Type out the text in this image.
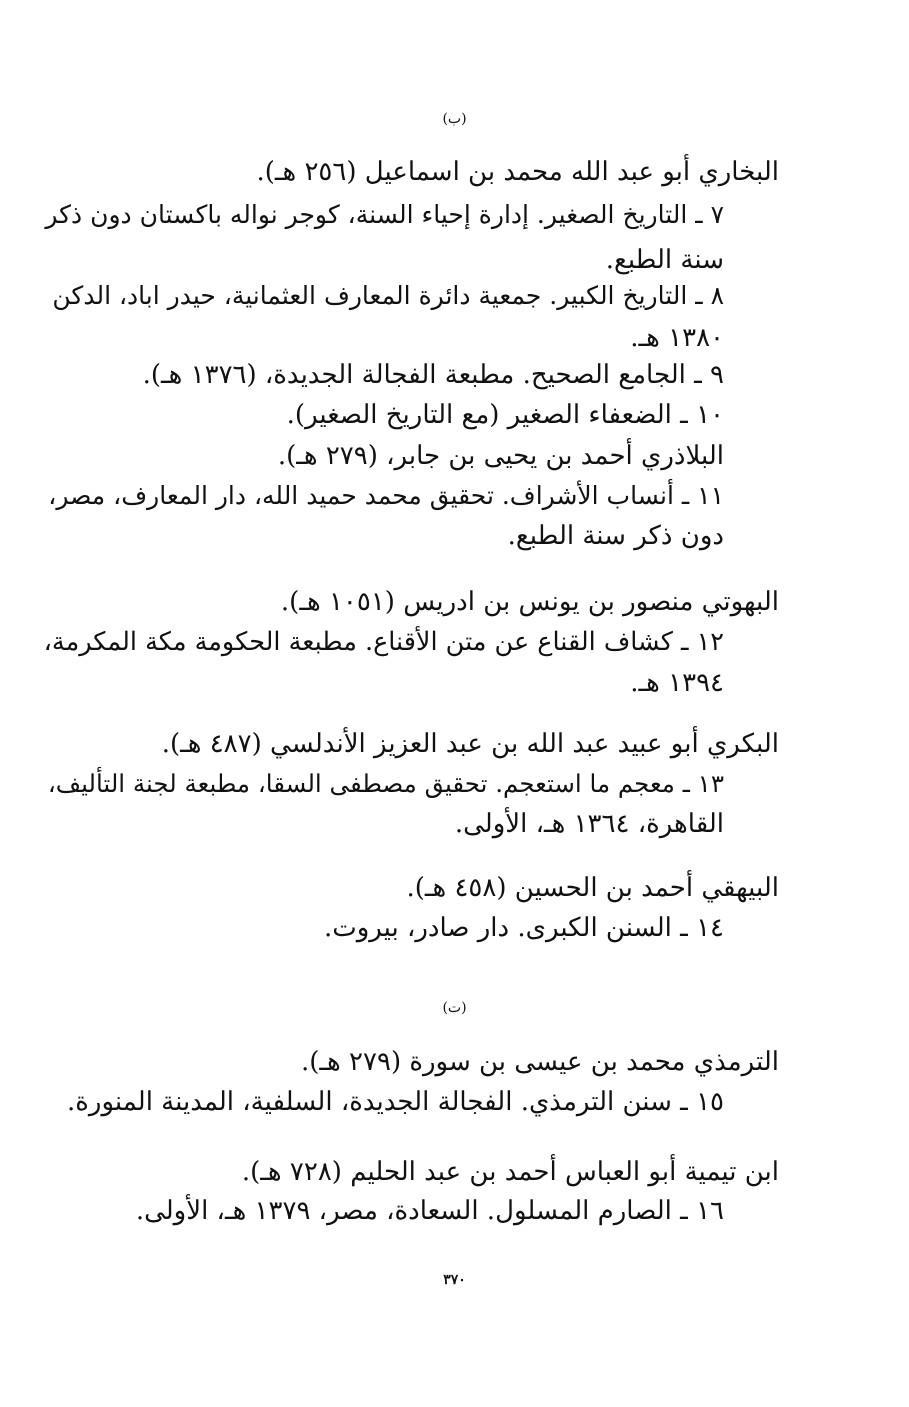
(ب)
البخاري أبو عبد الله محمد بن اسماعيل (٢٥٦ هـ).
٧ ـ التاريخ الصغير. إدارة إحياء السنة، كوجر نواله باكستان دون ذكر
سنة الطبع.
٨ ـ التاريخ الكبير. جمعية دائرة المعارف العثمانية، حيدر اباد، الدكن
١٣٨٠ هـ.
٩ ـ الجامع الصحيح. مطبعة الفجالة الجديدة، (١٣٧٦ هـ).
١٠ ـ الضعفاء الصغير (مع التاريخ الصغير).
البلاذري أحمد بن يحيى بن جابر، (٢٧٩ هـ).
١١ ـ أنساب الأشراف. تحقيق محمد حميد الله، دار المعارف، مصر،
دون ذكر سنة الطبع.
البهوتي منصور بن يونس بن ادريس (١٠٥١ هـ).
١٢ ـ كشاف القناع عن متن الأقناع. مطبعة الحكومة مكة المكرمة،
١٣٩٤ هـ.
البكري أبو عبيد عبد الله بن عبد العزيز الأندلسي (٤٨٧ هـ).
١٣ ـ معجم ما استعجم. تحقيق مصطفى السقا، مطبعة لجنة التأليف،
القاهرة، ١٣٦٤ هـ، الأولى.
البيهقي أحمد بن الحسين (٤٥٨ هـ).
١٤ ـ السنن الكبرى. دار صادر، بيروت.
(ت)
الترمذي محمد بن عيسى بن سورة (٢٧٩ هـ).
١٥ ـ سنن الترمذي. الفجالة الجديدة، السلفية، المدينة المنورة.
ابن تيمية أبو العباس أحمد بن عبد الحليم (٧٢٨ هـ).
١٦ ـ الصارم المسلول. السعادة، مصر، ١٣٧٩ هـ، الأولى.
٣٧٠
